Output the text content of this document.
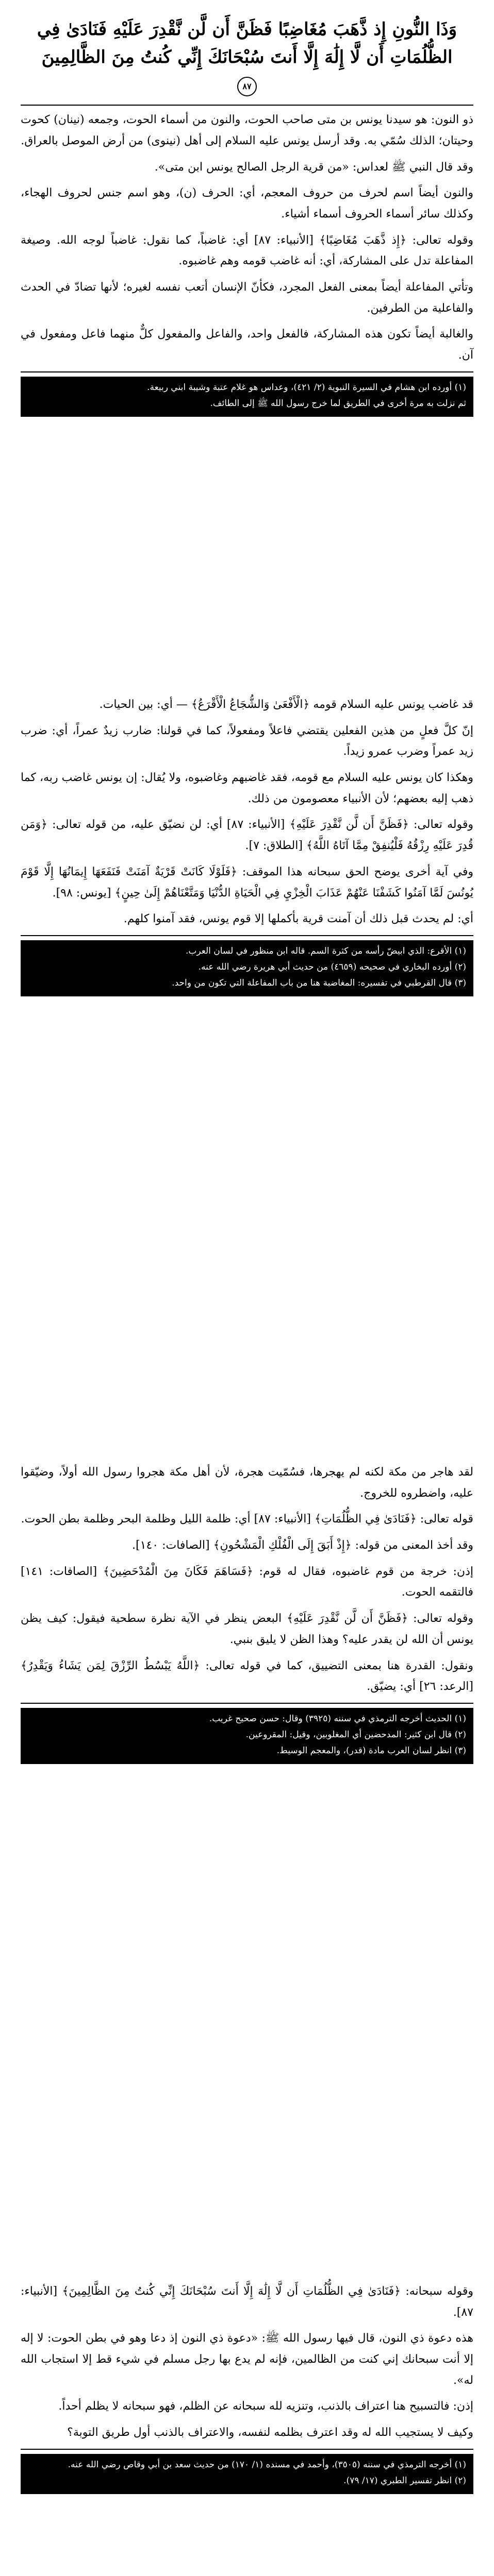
وَذَا النُّونِ إِذ ذَّهَبَ مُغَاضِبًا فَظَنَّ أَن لَّن نَّقْدِرَ عَلَيْهِ فَنَادَىٰ فِي الظُّلُمَاتِ أَن لَّا إِلَٰهَ إِلَّا أَنتَ سُبْحَانَكَ إِنِّي كُنتُ مِنَ الظَّالِمِينَ ٨٧

ذو النون: هو سيدنا يونس بن متى صاحب الحوت، والنون من أسماء الحوت، وجمعه (نينان) كحوت وحيتان؛ الذلك سُمّي به. وقد أرسل يونس عليه السلام إلى أهل (نينوى) من أرض الموصل بالعراق.

وقد قال النبي ﷺ لعداس: «من قرية الرجل الصالح يونس ابن متى».

والنون أيضاً اسم لحرف من حروف المعجم، أي: الحرف (ن)، وهو اسم جنس لحروف الهجاء، وكذلك سائر أسماء الحروف أسماء أشياء.

وقوله تعالى: ﴿إِذ ذَّهَبَ مُغَاضِبًا﴾ [الأنبياء: ٨٧] أي: غاضباً، كما نقول: غاضباً لوجه الله. وصيغة المفاعلة تدل على المشاركة، أي: أنه غاضب قومه وهم غاضبوه.

وتأتي المفاعلة أيضاً بمعنى الفعل المجرد، فكأنّ الإنسان أتعب نفسه لغيره؛ لأنها تضادّ في الحدث والفاعلية من الطرفين.

والغالبة أيضاً تكون هذه المشاركة، فالفعل واحد، والفاعل والمفعول كلٌّ منهما فاعل ومفعول في آن.

(١) أورده ابن هشام في السيرة النبوية (٢/ ٤٢١)، وعداس هو غلام عتبة وشيبة ابني ربيعة.

ثم نزلت به مرة أخرى في الطريق لما خرج رسول الله ﷺ إلى الطائف.

قد غاضب يونس عليه السلام قومه ﴿الْأَفْعَىٰ وَالشُّجَاعُ الْأَقْرَعُ﴾ — أي: بين الحيات.

إنّ كلَّ فعلٍ من هذين الفعلين يقتضي فاعلاً ومفعولاً، كما في قولنا: ضارب زيدٌ عمراً، أي: ضرب زيد عمراً وضرب عمرو زيداً.

وهكذا كان يونس عليه السلام مع قومه، فقد غاضبهم وغاضبوه، ولا يُقال: إن يونس غاضب ربه، كما ذهب إليه بعضهم؛ لأن الأنبياء معصومون من ذلك.

وقوله تعالى: ﴿فَظَنَّ أَن لَّن نَّقْدِرَ عَلَيْهِ﴾ [الأنبياء: ٨٧] أي: لن نضيّق عليه، من قوله تعالى: ﴿وَمَن قُدِرَ عَلَيْهِ رِزْقُهُ فَلْيُنفِقْ مِمَّا آتَاهُ اللَّهُ﴾ [الطلاق: ٧].

وفي آية أخرى يوضح الحق سبحانه هذا الموقف: ﴿فَلَوْلَا كَانَتْ قَرْيَةٌ آمَنَتْ فَنَفَعَهَا إِيمَانُهَا إِلَّا قَوْمَ يُونُسَ لَمَّا آمَنُوا كَشَفْنَا عَنْهُمْ عَذَابَ الْخِزْيِ فِي الْحَيَاةِ الدُّنْيَا وَمَتَّعْنَاهُمْ إِلَىٰ حِينٍ﴾ [يونس: ٩٨].

أي: لم يحدث قبل ذلك أن آمنت قرية بأكملها إلا قوم يونس، فقد آمنوا كلهم.

(١) الأقرع: الذي ابيضّ رأسه من كثرة السم. قاله ابن منظور في لسان العرب.

(٢) أورده البخاري في صحيحه (٤٦٥٩) من حديث أبي هريرة رضي الله عنه.

(٣) قال القرطبي في تفسيره: المغاضبة هنا من باب المفاعلة التي تكون من واحد.

لقد هاجر من مكة لكنه لم يهجرها، فسُمّيت هجرة، لأن أهل مكة هجروا رسول الله أولاً، وضيّقوا عليه، واضطروه للخروج.

قوله تعالى: ﴿فَنَادَىٰ فِي الظُّلُمَاتِ﴾ [الأنبياء: ٨٧] أي: ظلمة الليل وظلمة البحر وظلمة بطن الحوت.

وقد أخذ المعنى من قوله: ﴿إِذْ أَبَقَ إِلَى الْفُلْكِ الْمَشْحُونِ﴾ [الصافات: ١٤٠].

إذن: خرجة من قوم غاضبوه، فقال له قوم: ﴿فَسَاهَمَ فَكَانَ مِنَ الْمُدْحَضِينَ﴾ [الصافات: ١٤١] فالتقمه الحوت.

وقوله تعالى: ﴿فَظَنَّ أَن لَّن نَّقْدِرَ عَلَيْهِ﴾ البعض ينظر في الآية نظرة سطحية فيقول: كيف يظن يونس أن الله لن يقدر عليه؟ وهذا الظن لا يليق بنبي.

ونقول: القدرة هنا بمعنى التضييق، كما في قوله تعالى: ﴿اللَّهُ يَبْسُطُ الرِّزْقَ لِمَن يَشَاءُ وَيَقْدِرُ﴾ [الرعد: ٢٦] أي: يضيّق.

(١) الحديث أخرجه الترمذي في سننه (٣٩٢٥) وقال: حسن صحيح غريب.

(٢) قال ابن كثير: المدحضين أي المغلوبين، وقيل: المقروعين.

(٣) انظر لسان العرب مادة (قدر)، والمعجم الوسيط.

وقوله سبحانه: ﴿فَنَادَىٰ فِي الظُّلُمَاتِ أَن لَّا إِلَٰهَ إِلَّا أَنتَ سُبْحَانَكَ إِنِّي كُنتُ مِنَ الظَّالِمِينَ﴾ [الأنبياء: ٨٧].

هذه دعوة ذي النون، قال فيها رسول الله ﷺ: «دعوة ذي النون إذ دعا وهو في بطن الحوت: لا إله إلا أنت سبحانك إني كنت من الظالمين، فإنه لم يدع بها رجل مسلم في شيء قط إلا استجاب الله له».

إذن: فالتسبيح هنا اعتراف بالذنب، وتنزيه لله سبحانه عن الظلم، فهو سبحانه لا يظلم أحداً.

وكيف لا يستجيب الله له وقد اعترف بظلمه لنفسه، والاعتراف بالذنب أول طريق التوبة؟

(١) أخرجه الترمذي في سننه (٣٥٠٥)، وأحمد في مسنده (١/ ١٧٠) من حديث سعد بن أبي وقاص رضي الله عنه.

(٢) انظر تفسير الطبري (١٧/ ٧٩).
